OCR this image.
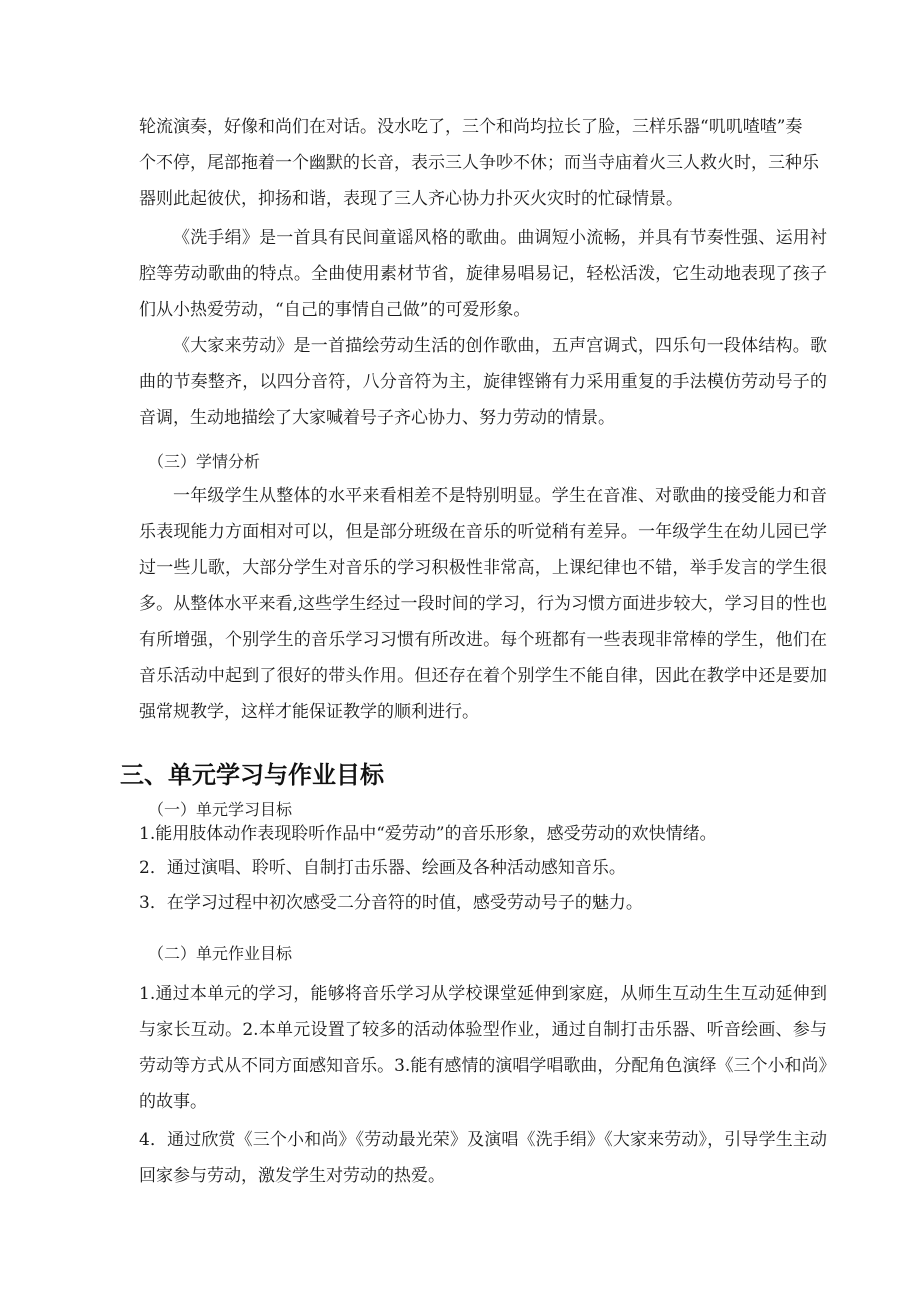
轮流演奏，好像和尚们在对话。没水吃了，三个和尚均拉长了脸，三样乐器“叽叽喳喳”奏

个不停，尾部拖着一个幽默的长音，表示三人争吵不休；而当寺庙着火三人救火时，三种乐

器则此起彼伏，抑扬和谐，表现了三人齐心协力扑灭火灾时的忙碌情景。

《洗手绢》是一首具有民间童谣风格的歌曲。曲调短小流畅，并具有节奏性强、运用衬腔等劳动歌曲的特点。全曲使用素材节省，旋律易唱易记，轻松活泼，它生动地表现了孩子们从小热爱劳动，“自己的事情自己做”的可爱形象。

《大家来劳动》是一首描绘劳动生活的创作歌曲，五声宫调式，四乐句一段体结构。歌曲的节奏整齐，以四分音符，八分音符为主，旋律铿锵有力采用重复的手法模仿劳动号子的音调，生动地描绘了大家喊着号子齐心协力、努力劳动的情景。

（三）学情分析

一年级学生从整体的水平来看相差不是特别明显。学生在音准、对歌曲的接受能力和音乐表现能力方面相对可以，但是部分班级在音乐的听觉稍有差异。一年级学生在幼儿园已学过一些儿歌，大部分学生对音乐的学习积极性非常高，上课纪律也不错，举手发言的学生很多。从整体水平来看,这些学生经过一段时间的学习，行为习惯方面进步较大，学习目的性也有所增强，个别学生的音乐学习习惯有所改进。每个班都有一些表现非常棒的学生，他们在音乐活动中起到了很好的带头作用。但还存在着个别学生不能自律，因此在教学中还是要加强常规教学，这样才能保证教学的顺利进行。

三、单元学习与作业目标

（一）单元学习目标

1.能用肢体动作表现聆听作品中“爱劳动”的音乐形象，感受劳动的欢快情绪。

2．通过演唱、聆听、自制打击乐器、绘画及各种活动感知音乐。

3．在学习过程中初次感受二分音符的时值，感受劳动号子的魅力。

（二）单元作业目标

1.通过本单元的学习，能够将音乐学习从学校课堂延伸到家庭，从师生互动生生互动延伸到与家长互动。2.本单元设置了较多的活动体验型作业，通过自制打击乐器、听音绘画、参与劳动等方式从不同方面感知音乐。3.能有感情的演唱学唱歌曲，分配角色演绎《三个小和尚》的故事。

4．通过欣赏《三个小和尚》《劳动最光荣》及演唱《洗手绢》《大家来劳动》，引导学生主动回家参与劳动，激发学生对劳动的热爱。
